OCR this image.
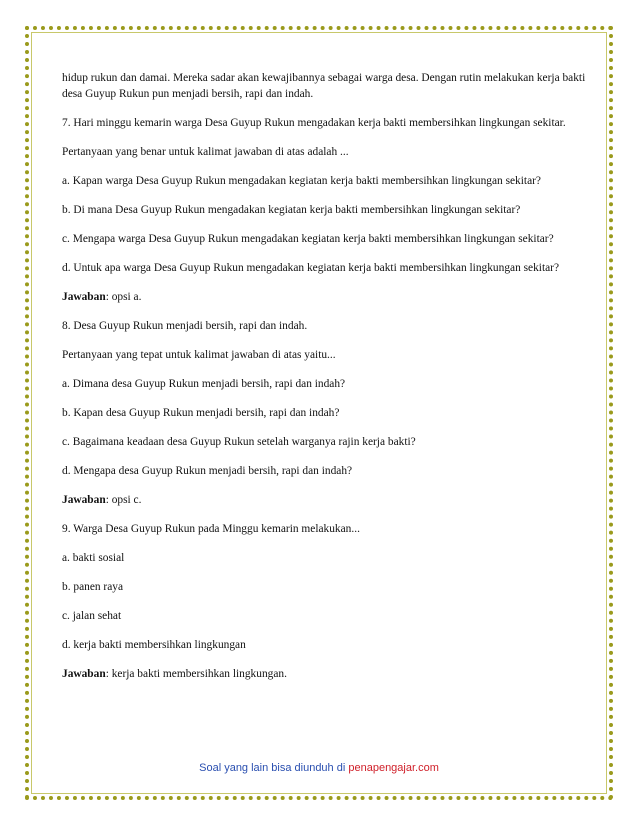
hidup rukun dan damai. Mereka sadar akan kewajibannya sebagai warga desa. Dengan rutin melakukan kerja bakti desa Guyup Rukun pun menjadi bersih, rapi dan indah.

7. Hari minggu kemarin warga Desa Guyup Rukun mengadakan kerja bakti membersihkan lingkungan sekitar.

Pertanyaan yang benar untuk kalimat jawaban di atas adalah ...

a. Kapan warga Desa Guyup Rukun mengadakan kegiatan kerja bakti membersihkan lingkungan sekitar?

b. Di mana Desa Guyup Rukun mengadakan kegiatan kerja bakti membersihkan lingkungan sekitar?

c. Mengapa warga Desa Guyup Rukun mengadakan kegiatan kerja bakti membersihkan lingkungan sekitar?

d. Untuk apa warga Desa Guyup Rukun mengadakan kegiatan kerja bakti membersihkan lingkungan sekitar?

Jawaban: opsi a.

8. Desa Guyup Rukun menjadi bersih, rapi dan indah.

Pertanyaan yang tepat untuk kalimat jawaban di atas yaitu...

a. Dimana desa Guyup Rukun menjadi bersih, rapi dan indah?

b. Kapan desa Guyup Rukun menjadi bersih, rapi dan indah?

c. Bagaimana keadaan desa Guyup Rukun setelah warganya rajin kerja bakti?

d. Mengapa desa Guyup Rukun menjadi bersih, rapi dan indah?

Jawaban: opsi c.

9. Warga Desa Guyup Rukun pada Minggu kemarin melakukan...

a. bakti sosial

b. panen raya

c. jalan sehat

d. kerja bakti membersihkan lingkungan

Jawaban: kerja bakti membersihkan lingkungan.

Soal yang lain bisa diunduh di penapengajar.com
